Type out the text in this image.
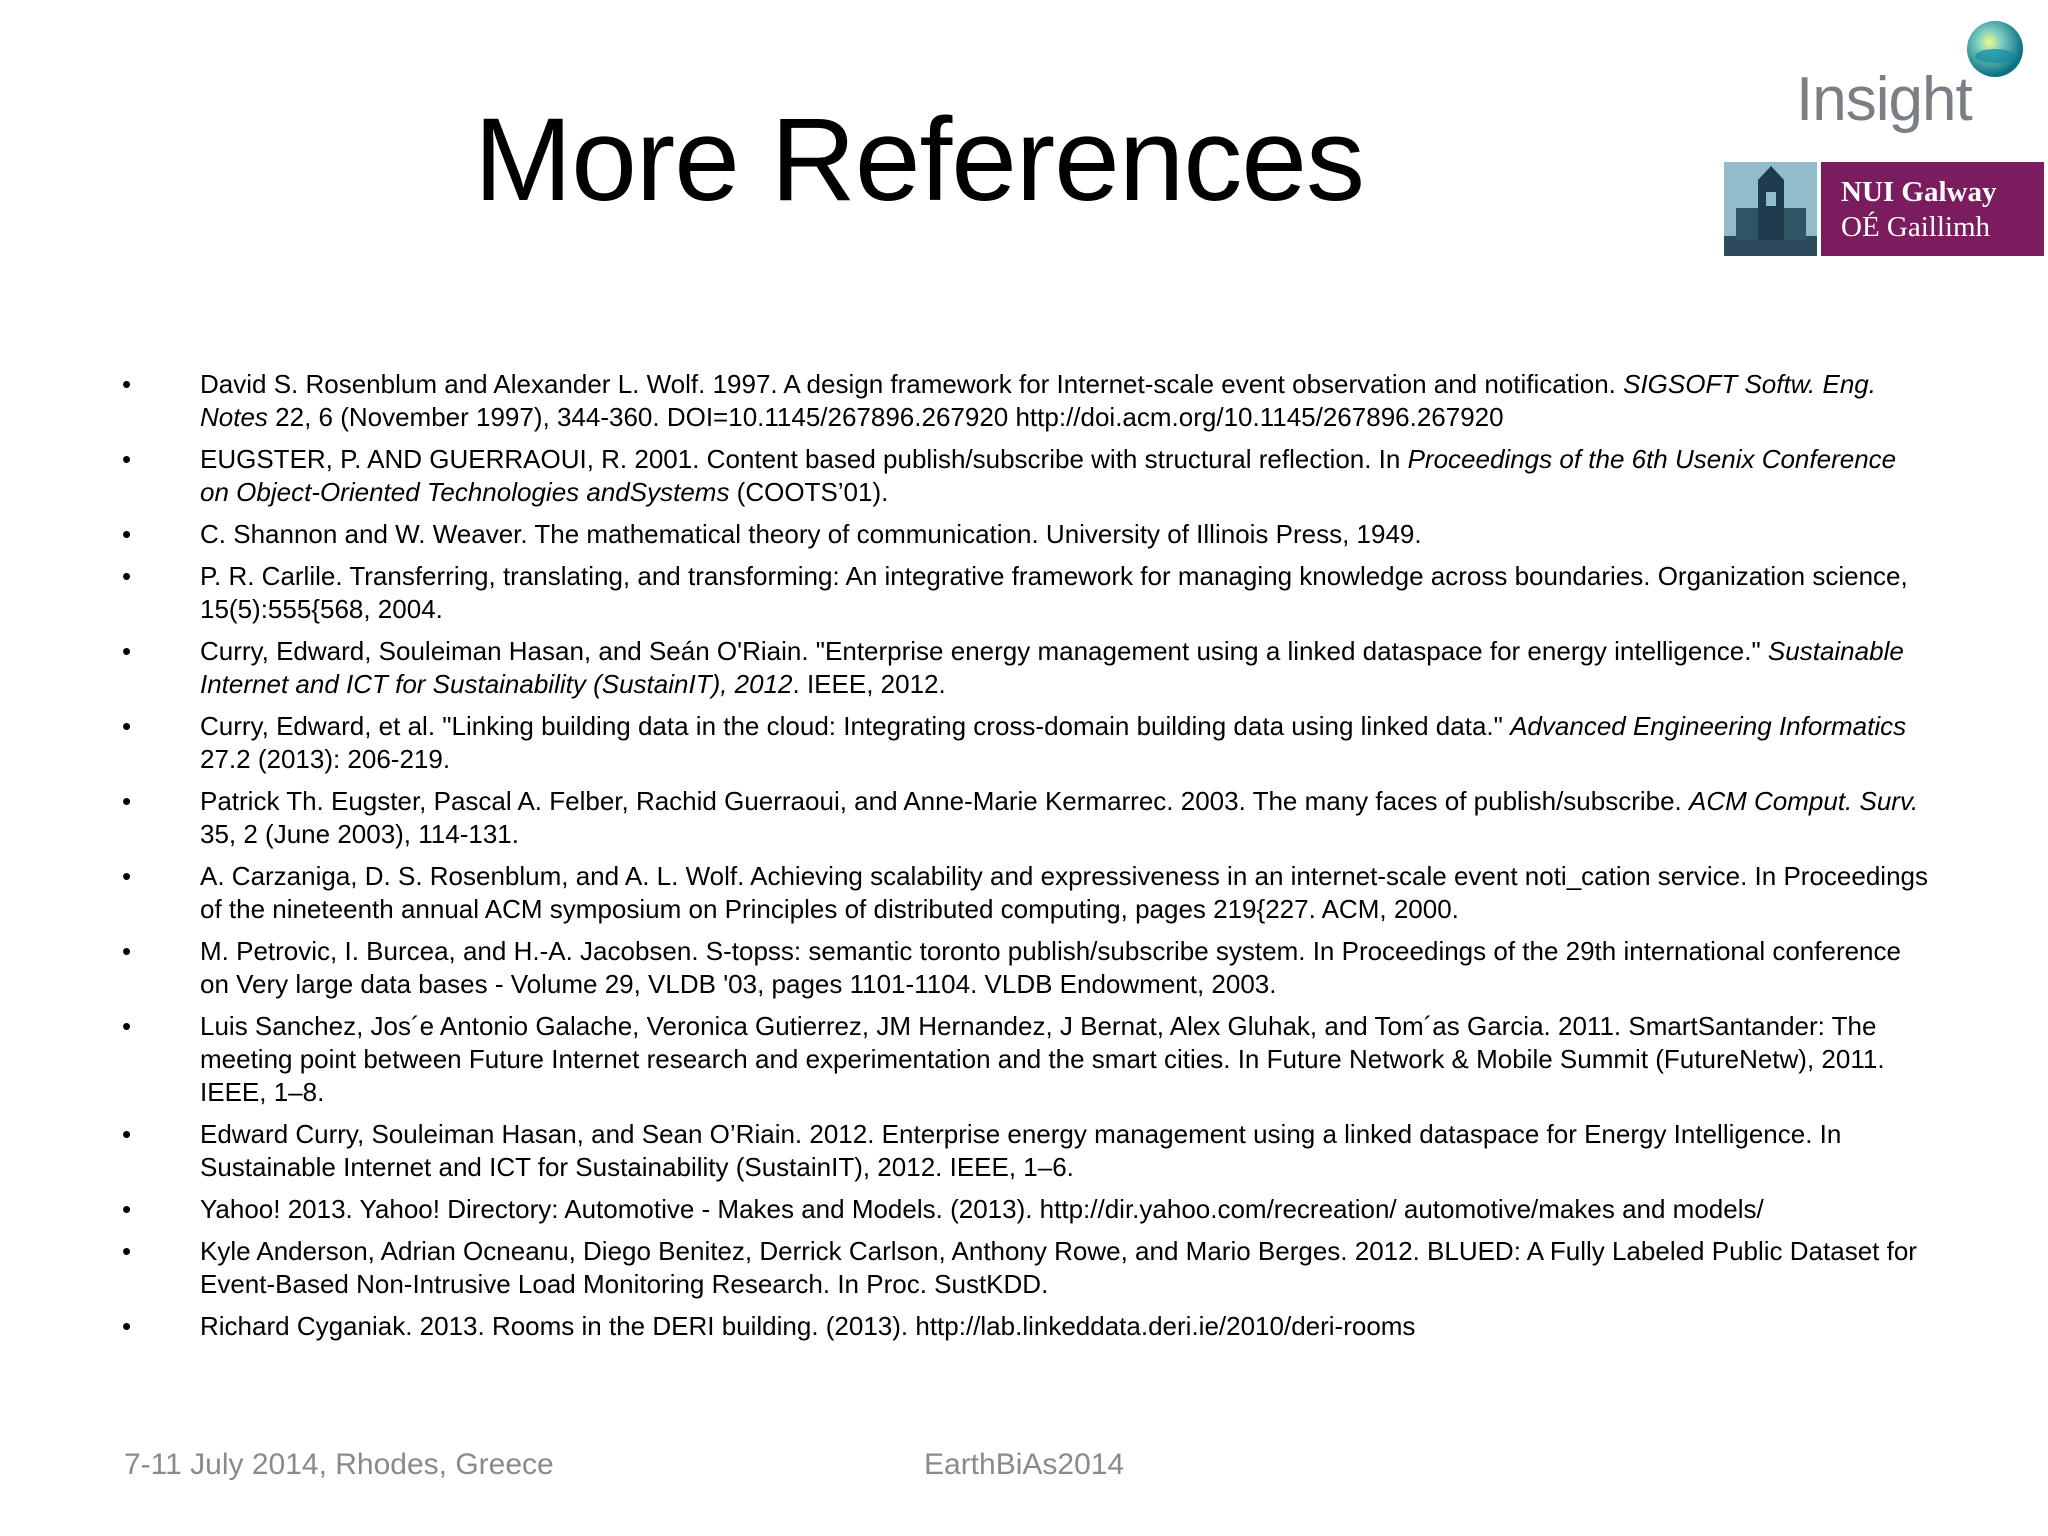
More References	Insight
NUI Galway
OÉ Gaillimh
•	David S. Rosenblum and Alexander L. Wolf. 1997. A design framework for Internet-scale event observation and notification. SIGSOFT Softw. Eng. Notes 22, 6 (November 1997), 344-360. DOI=10.1145/267896.267920 http://doi.acm.org/10.1145/267896.267920
•	EUGSTER, P. AND GUERRAOUI, R. 2001. Content based publish/subscribe with structural reflection. In Proceedings of the 6th Usenix Conference on Object-Oriented Technologies andSystems (COOTS’01).
•	C. Shannon and W. Weaver. The mathematical theory of communication. University of Illinois Press, 1949.
•	P. R. Carlile. Transferring, translating, and transforming: An integrative framework for managing knowledge across boundaries. Organization science, 15(5):555{568, 2004.
•	Curry, Edward, Souleiman Hasan, and Seán O'Riain. "Enterprise energy management using a linked dataspace for energy intelligence." Sustainable Internet and ICT for Sustainability (SustainIT), 2012. IEEE, 2012.
•	Curry, Edward, et al. "Linking building data in the cloud: Integrating cross-domain building data using linked data." Advanced Engineering Informatics 27.2 (2013): 206-219.
•	Patrick Th. Eugster, Pascal A. Felber, Rachid Guerraoui, and Anne-Marie Kermarrec. 2003. The many faces of publish/subscribe. ACM Comput. Surv. 35, 2 (June 2003), 114-131.
•	A. Carzaniga, D. S. Rosenblum, and A. L. Wolf. Achieving scalability and expressiveness in an internet-scale event noti_cation service. In Proceedings of the nineteenth annual ACM symposium on Principles of distributed computing, pages 219{227. ACM, 2000.
•	M. Petrovic, I. Burcea, and H.-A. Jacobsen. S-topss: semantic toronto publish/subscribe system. In Proceedings of the 29th international conference on Very large data bases - Volume 29, VLDB '03, pages 1101-1104. VLDB Endowment, 2003.
•	Luis Sanchez, Jos´e Antonio Galache, Veronica Gutierrez, JM Hernandez, J Bernat, Alex Gluhak, and Tom´as Garcia. 2011. SmartSantander: The meeting point between Future Internet research and experimentation and the smart cities. In Future Network & Mobile Summit (FutureNetw), 2011. IEEE, 1–8.
•	Edward Curry, Souleiman Hasan, and Sean O’Riain. 2012. Enterprise energy management using a linked dataspace for Energy Intelligence. In Sustainable Internet and ICT for Sustainability (SustainIT), 2012. IEEE, 1–6.
•	Yahoo! 2013. Yahoo! Directory: Automotive - Makes and Models. (2013). http://dir.yahoo.com/recreation/ automotive/makes and models/
•	Kyle Anderson, Adrian Ocneanu, Diego Benitez, Derrick Carlson, Anthony Rowe, and Mario Berges. 2012. BLUED: A Fully Labeled Public Dataset for Event-Based Non-Intrusive Load Monitoring Research. In Proc. SustKDD.
•	Richard Cyganiak. 2013. Rooms in the DERI building. (2013). http://lab.linkeddata.deri.ie/2010/deri-rooms
7-11 July 2014, Rhodes, Greece	EarthBiAs2014
